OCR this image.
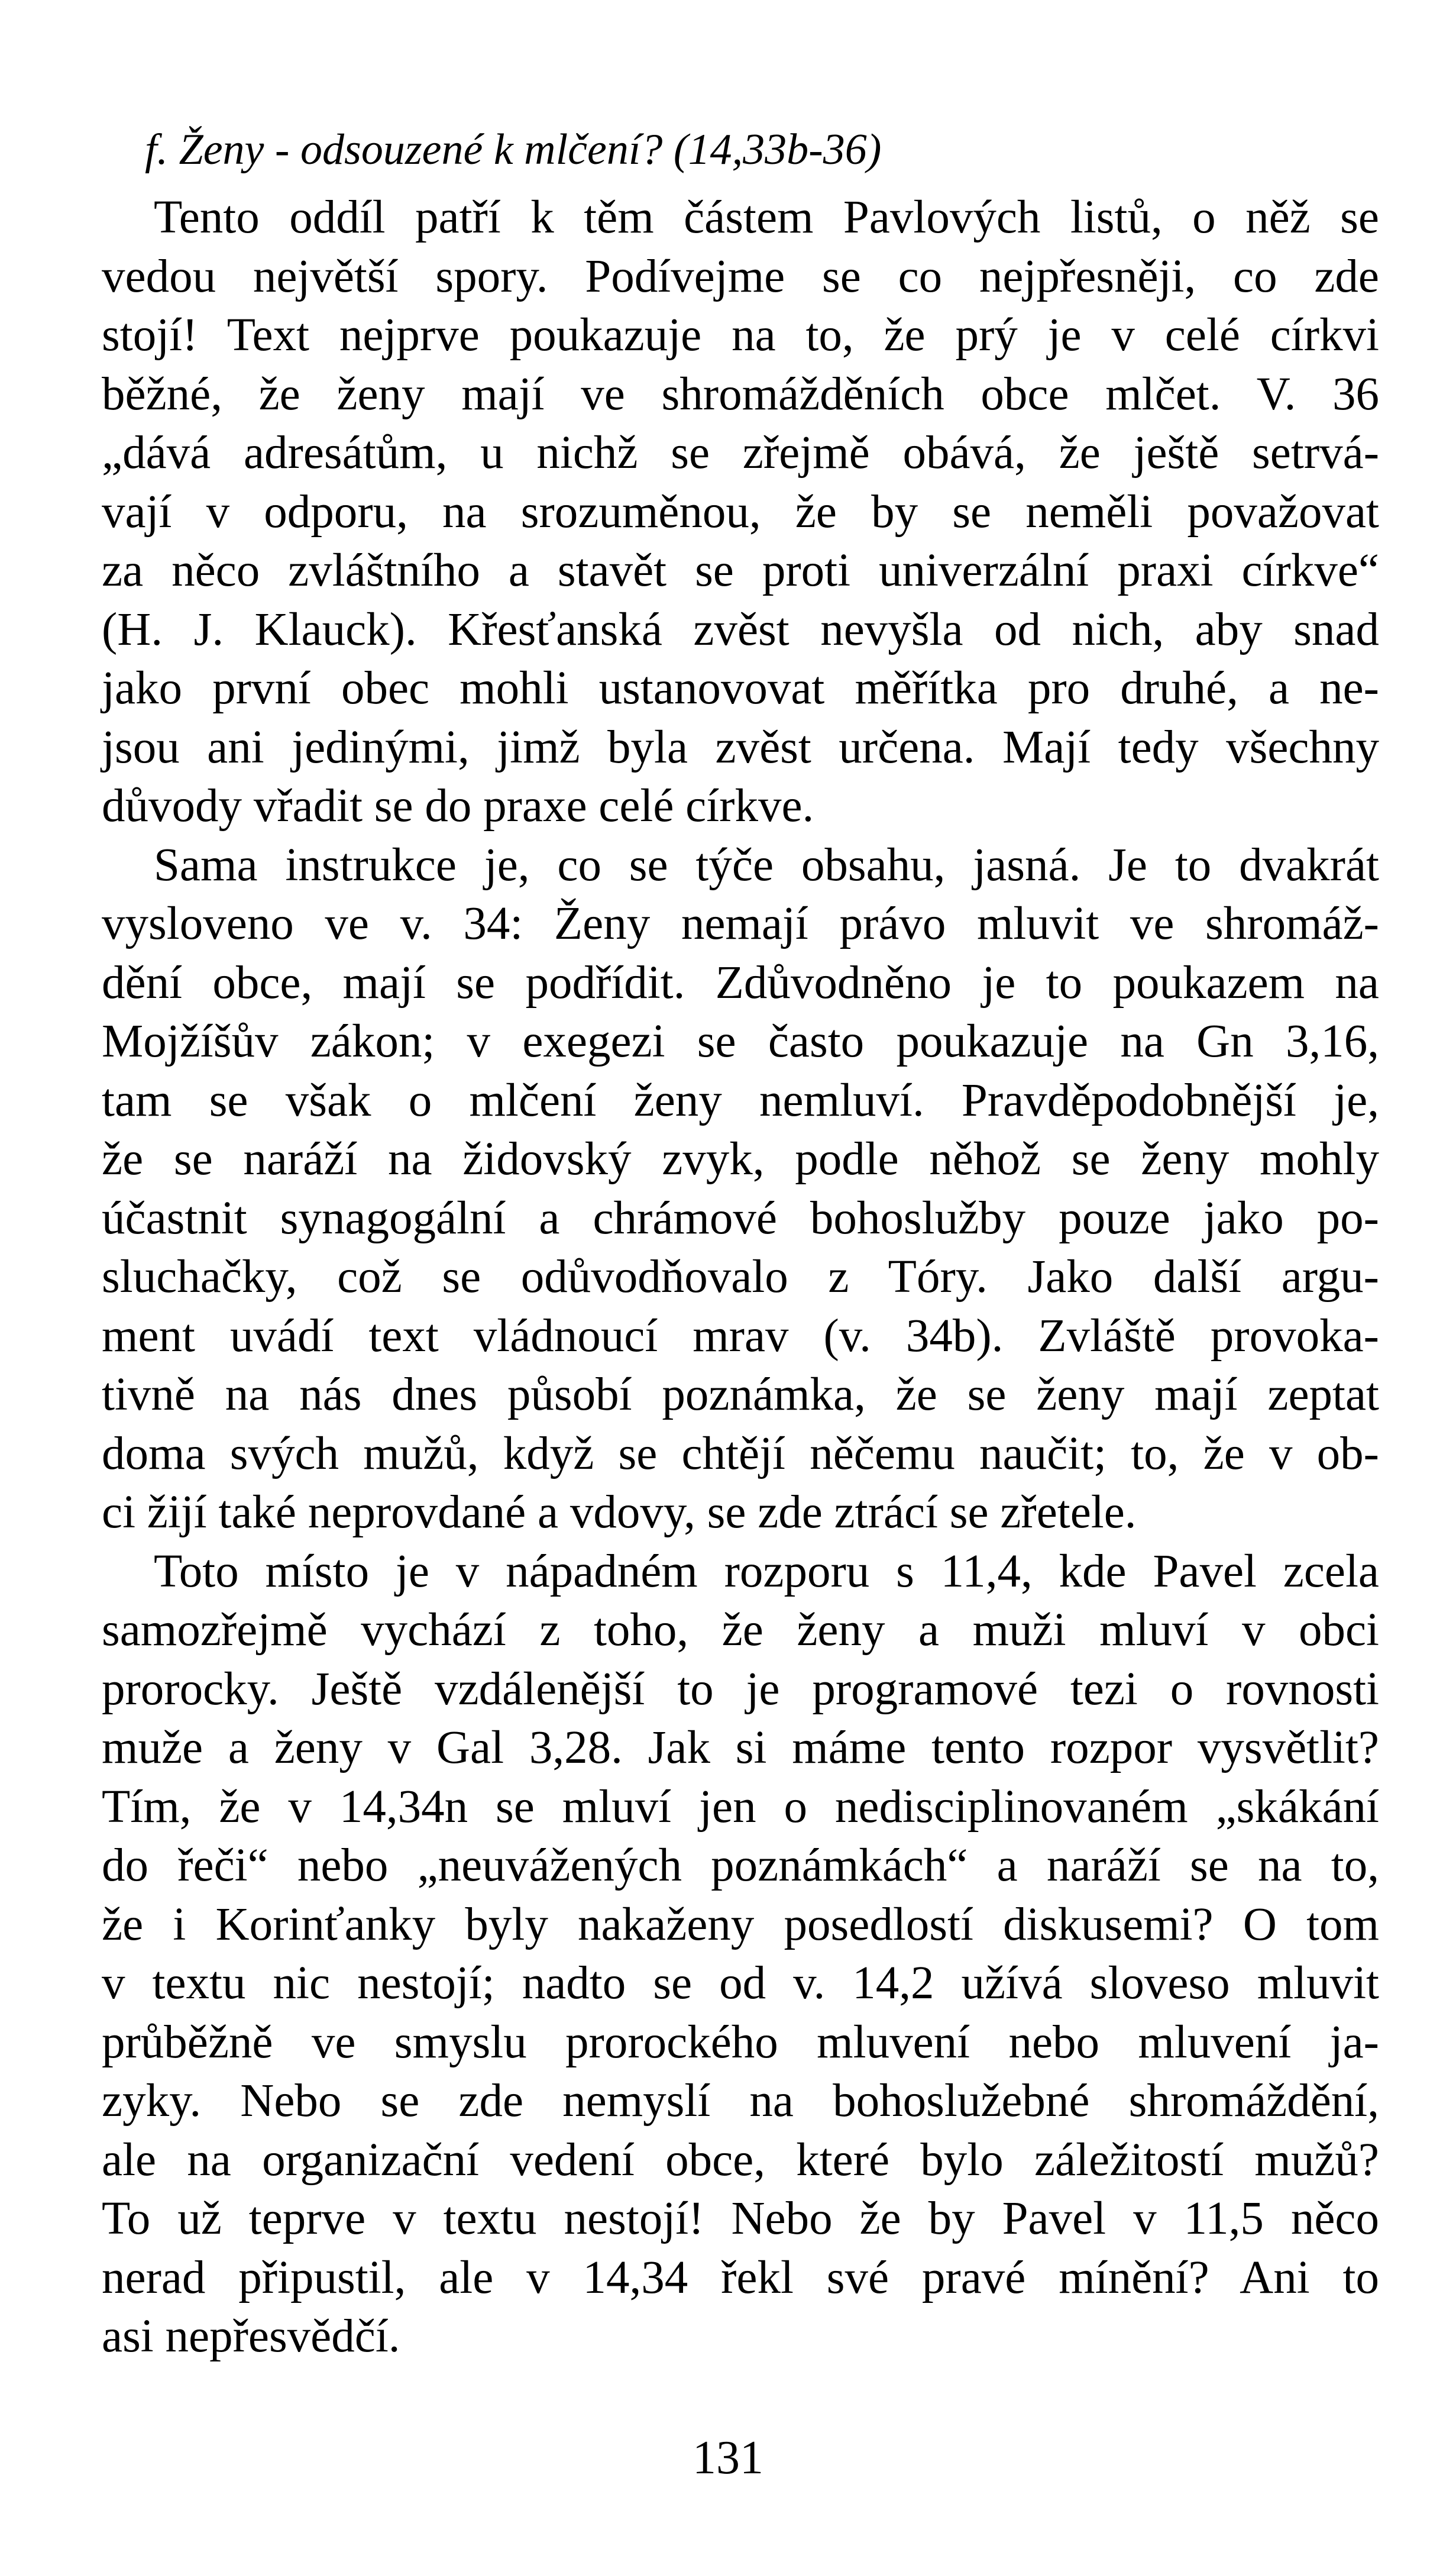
f. Ženy - odsouzené k mlčení? (14,33b-36)
Tento oddíl patří k těm částem Pavlových listů, o něž se
vedou největší spory. Podívejme se co nejpřesněji, co zde
stojí! Text nejprve poukazuje na to, že prý je v celé církvi
běžné, že ženy mají ve shromážděních obce mlčet. V. 36
„dává adresátům, u nichž se zřejmě obává, že ještě setrvá-
vají v odporu, na srozuměnou, že by se neměli považovat
za něco zvláštního a stavět se proti univerzální praxi církve“
(H. J. Klauck). Křesťanská zvěst nevyšla od nich, aby snad
jako první obec mohli ustanovovat měřítka pro druhé, a ne-
jsou ani jedinými, jimž byla zvěst určena. Mají tedy všechny
důvody vřadit se do praxe celé církve.
Sama instrukce je, co se týče obsahu, jasná. Je to dvakrát
vysloveno ve v. 34: Ženy nemají právo mluvit ve shromáž-
dění obce, mají se podřídit. Zdůvodněno je to poukazem na
Mojžíšův zákon; v exegezi se často poukazuje na Gn 3,16,
tam se však o mlčení ženy nemluví. Pravděpodobnější je,
že se naráží na židovský zvyk, podle něhož se ženy mohly
účastnit synagogální a chrámové bohoslužby pouze jako po-
sluchačky, což se odůvodňovalo z Tóry. Jako další argu-
ment uvádí text vládnoucí mrav (v. 34b). Zvláště provoka-
tivně na nás dnes působí poznámka, že se ženy mají zeptat
doma svých mužů, když se chtějí něčemu naučit; to, že v ob-
ci žijí také neprovdané a vdovy, se zde ztrácí se zřetele.
Toto místo je v nápadném rozporu s 11,4, kde Pavel zcela
samozřejmě vychází z toho, že ženy a muži mluví v obci
prorocky. Ještě vzdálenější to je programové tezi o rovnosti
muže a ženy v Gal 3,28. Jak si máme tento rozpor vysvětlit?
Tím, že v 14,34n se mluví jen o nedisciplinovaném „skákání
do řeči“ nebo „neuvážených poznámkách“ a naráží se na to,
že i Korinťanky byly nakaženy posedlostí diskusemi? O tom
v textu nic nestojí; nadto se od v. 14,2 užívá sloveso mluvit
průběžně ve smyslu prorockého mluvení nebo mluvení ja-
zyky. Nebo se zde nemyslí na bohoslužebné shromáždění,
ale na organizační vedení obce, které bylo záležitostí mužů?
To už teprve v textu nestojí! Nebo že by Pavel v 11,5 něco
nerad připustil, ale v 14,34 řekl své pravé mínění? Ani to
asi nepřesvědčí.
131
